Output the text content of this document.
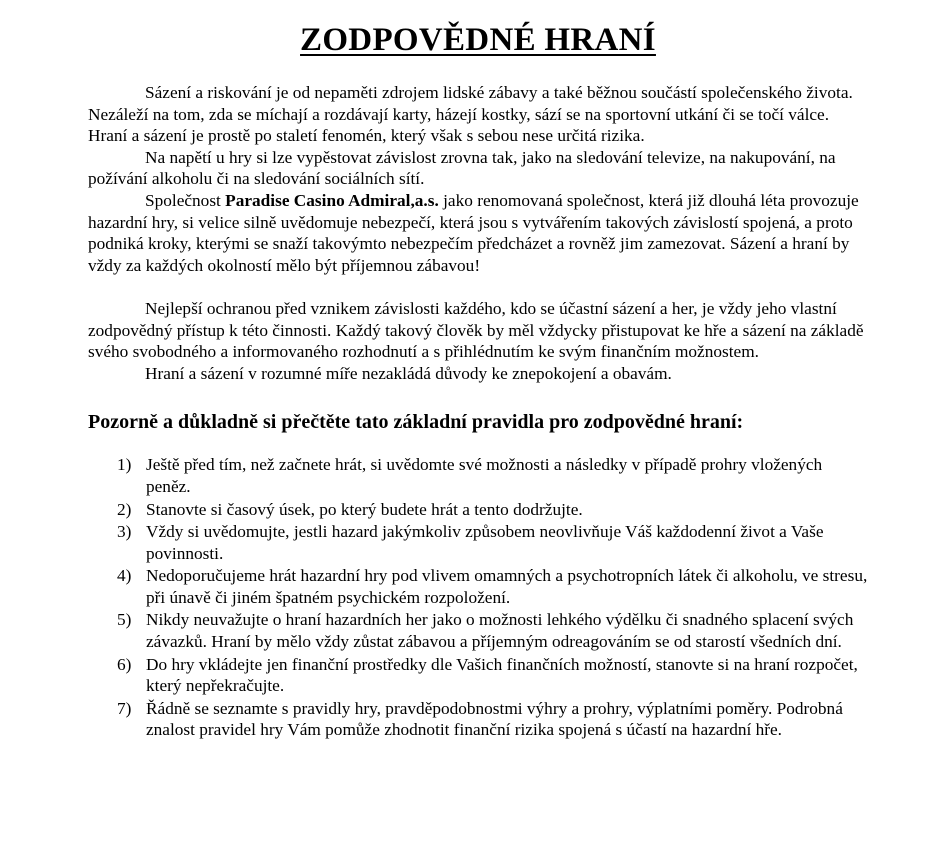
ZODPOVĚDNÉ HRANÍ

Sázení a riskování je od nepaměti zdrojem lidské zábavy a také běžnou součástí společenského života. Nezáleží na tom, zda se míchají a rozdávají karty, házejí kostky, sází se na sportovní utkání či se točí válce. Hraní a sázení je prostě po staletí fenomén, který však s sebou nese určitá rizika.

Na napětí u hry si lze vypěstovat závislost zrovna tak, jako na sledování televize, na nakupování, na požívání alkoholu či na sledování sociálních sítí.

Společnost Paradise Casino Admiral,a.s. jako renomovaná společnost, která již dlouhá léta provozuje hazardní hry, si velice silně uvědomuje nebezpečí, která jsou s vytvářením takových závislostí spojená, a proto podniká kroky, kterými se snaží takovýmto nebezpečím předcházet a rovněž jim zamezovat. Sázení a hraní by vždy za každých okolností mělo být příjemnou zábavou!

Nejlepší ochranou před vznikem závislosti každého, kdo se účastní sázení a her, je vždy jeho vlastní zodpovědný přístup k této činnosti. Každý takový člověk by měl vždycky přistupovat ke hře a sázení na základě svého svobodného a informovaného rozhodnutí a s přihlédnutím ke svým finančním možnostem.

Hraní a sázení v rozumné míře nezakládá důvody ke znepokojení a obavám.

Pozorně a důkladně si přečtěte tato základní pravidla pro zodpovědné hraní:
1) Ještě před tím, než začnete hrát, si uvědomte své možnosti a následky v případě prohry vložených peněz.
2) Stanovte si časový úsek, po který budete hrát a tento dodržujte.
3) Vždy si uvědomujte, jestli hazard jakýmkoliv způsobem neovlivňuje Váš každodenní život a Vaše povinnosti.
4) Nedoporučujeme hrát hazardní hry pod vlivem omamných a psychotropních látek či alkoholu, ve stresu, při únavě či jiném špatném psychickém rozpoložení.
5) Nikdy neuvažujte o hraní hazardních her jako o možnosti lehkého výdělku či snadného splacení svých závazků. Hraní by mělo vždy zůstat zábavou a příjemným odreagováním se od starostí všedních dní.
6) Do hry vkládejte jen finanční prostředky dle Vašich finančních možností, stanovte si na hraní rozpočet, který nepřekračujte.
7) Řádně se seznamte s pravidly hry, pravděpodobnostmi výhry a prohry, výplatními poměry. Podrobná znalost pravidel hry Vám pomůže zhodnotit finanční rizika spojená s účastí na hazardní hře.
